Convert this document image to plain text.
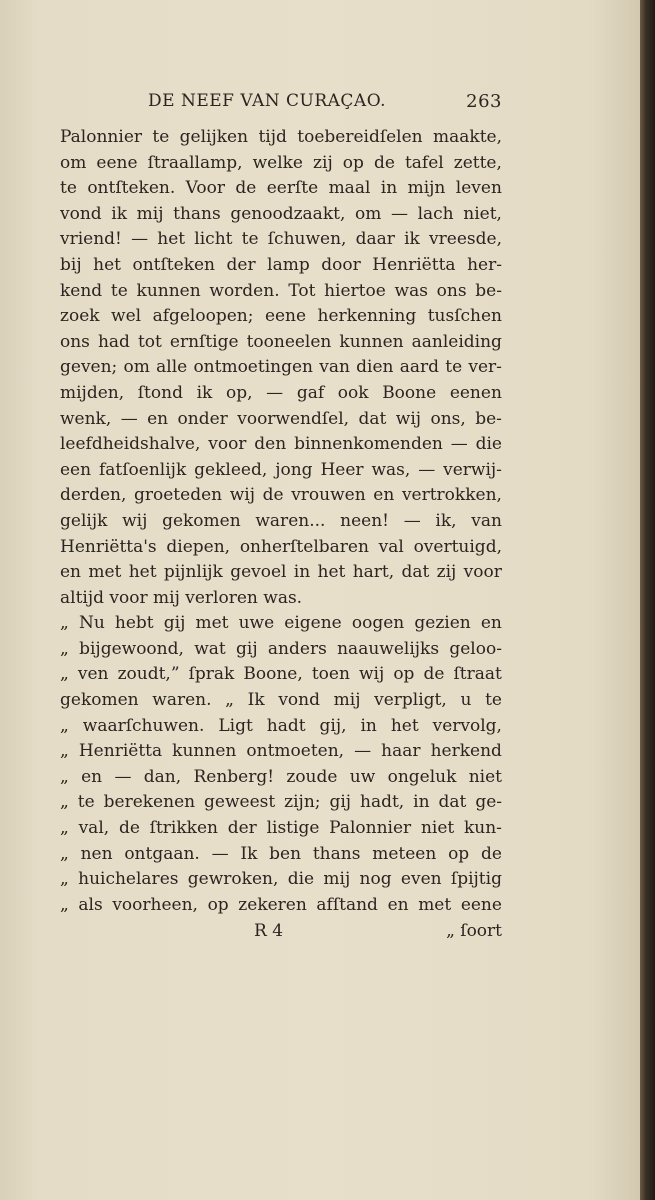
DE NEEF VAN CURAÇAO.	263
Palonnier te gelijken tijd toebereidſelen maakte,
om eene ſtraallamp, welke zij op de tafel zette,
te ontſteken. Voor de eerſte maal in mijn leven
vond ik mij thans genoodzaakt, om — lach niet,
vriend! — het licht te ſchuwen, daar ik vreesde,
bij het ontſteken der lamp door Henriëtta her-
kend te kunnen worden. Tot hiertoe was ons be-
zoek wel afgeloopen; eene herkenning tusſchen
ons had tot ernſtige tooneelen kunnen aanleiding
geven; om alle ontmoetingen van dien aard te ver-
mijden, ſtond ik op, — gaf ook Boone eenen
wenk, — en onder voorwendſel, dat wij ons, be-
leefdheidshalve, voor den binnenkomenden — die
een fatſoenlijk gekleed, jong Heer was, — verwij-
derden, groeteden wij de vrouwen en vertrokken,
gelijk wij gekomen waren... neen! — ik, van
Henriëtta's diepen, onherſtelbaren val overtuigd,
en met het pijnlijk gevoel in het hart, dat zij voor
altijd
voor
mij
verloren
was.

„ Nu hebt gij met uwe eigene oogen gezien en
„ bijgewoond, wat gij anders naauwelijks geloo-
„ ven zoudt,” ſprak Boone, toen wij op de ſtraat
gekomen waren. „ Ik vond mij verpligt, u te
„ waarſchuwen. Ligt hadt gij, in het vervolg,
„ Henriëtta kunnen ontmoeten, — haar herkend
„ en — dan, Renberg! zoude uw ongeluk niet
„ te berekenen geweest zijn; gij hadt, in dat ge-
„ val, de ſtrikken der listige Palonnier niet kun-
„ nen ontgaan. — Ik ben thans meteen op de
„ huichelares gewroken, die mij nog even ſpijtig
„ als voorheen, op zekeren afſtand en met eene
R 4	„ ſoort
